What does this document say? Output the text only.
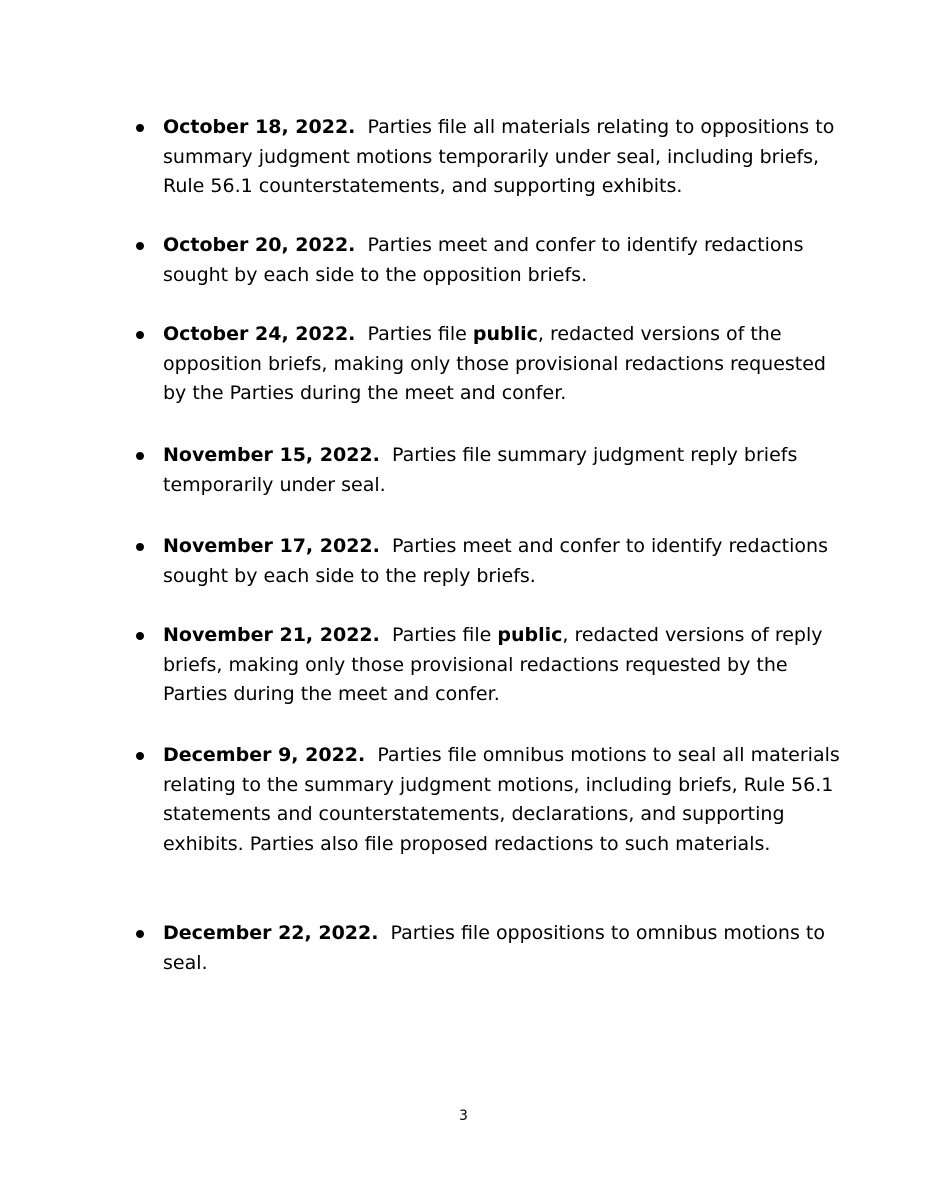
October 18, 2022. Parties file all materials relating to oppositions to summary judgment motions temporarily under seal, including briefs, Rule 56.1 counterstatements, and supporting exhibits.
October 20, 2022. Parties meet and confer to identify redactions sought by each side to the opposition briefs.
October 24, 2022. Parties file public, redacted versions of the opposition briefs, making only those provisional redactions requested by the Parties during the meet and confer.
November 15, 2022. Parties file summary judgment reply briefs temporarily under seal.
November 17, 2022. Parties meet and confer to identify redactions sought by each side to the reply briefs.
November 21, 2022. Parties file public, redacted versions of reply briefs, making only those provisional redactions requested by the Parties during the meet and confer.
December 9, 2022. Parties file omnibus motions to seal all materials relating to the summary judgment motions, including briefs, Rule 56.1 statements and counterstatements, declarations, and supporting exhibits. Parties also file proposed redactions to such materials.
December 22, 2022. Parties file oppositions to omnibus motions to seal.
3
